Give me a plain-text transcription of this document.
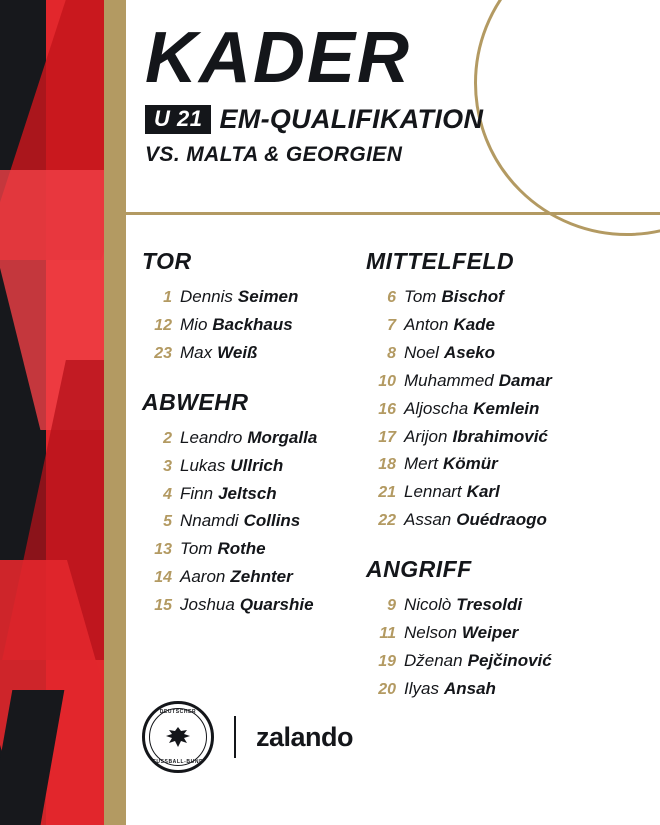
KADER
U 21 EM-QUALIFIKATION
VS. MALTA & GEORGIEN
TOR
1 Dennis Seimen
12 Mio Backhaus
23 Max Weiß
ABWEHR
2 Leandro Morgalla
3 Lukas Ullrich
4 Finn Jeltsch
5 Nnamdi Collins
13 Tom Rothe
14 Aaron Zehnter
15 Joshua Quarshie
MITTELFELD
6 Tom Bischof
7 Anton Kade
8 Noel Aseko
10 Muhammed Damar
16 Aljoscha Kemlein
17 Arijon Ibrahimović
18 Mert Kömür
21 Lennart Karl
22 Assan Ouédraogo
ANGRIFF
9 Nicolò Tresoldi
11 Nelson Weiper
19 Dženan Pejčinović
20 Ilyas Ansah
DEUTSCHER
FUSSBALL-BUND
zalando
